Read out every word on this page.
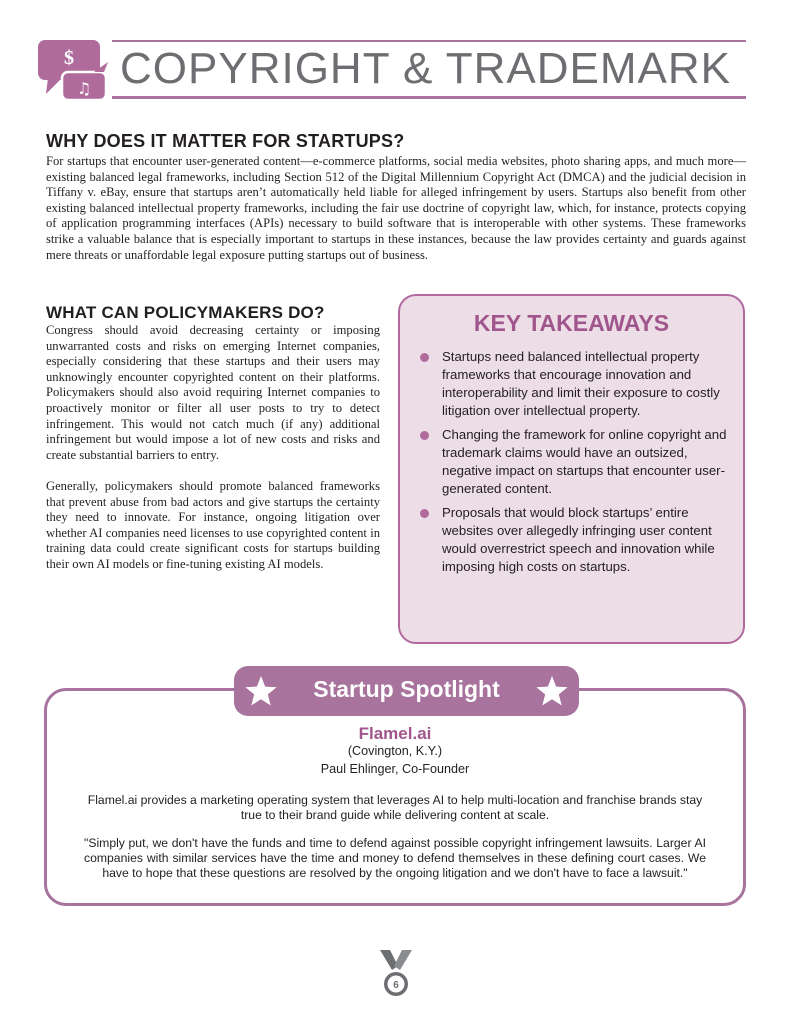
$
♫ COPYRIGHT & TRADEMARK
WHY DOES IT MATTER FOR STARTUPS?
For startups that encounter user-generated content—e-commerce platforms, social media websites, photo sharing apps, and much more—existing balanced legal frameworks, including Section 512 of the Digital Millennium Copyright Act (DMCA) and the judicial decision in Tiffany v. eBay, ensure that startups aren’t automatically held liable for alleged infringement by users. Startups also benefit from other existing balanced intellectual property frameworks, including the fair use doctrine of copyright law, which, for instance, protects copying of application programming interfaces (APIs) necessary to build software that is interoperable with other systems. These frameworks strike a valuable balance that is especially important to startups in these instances, because the law provides certainty and guards against mere threats or unaffordable legal exposure putting startups out of business.
WHAT CAN POLICYMAKERS DO?
Congress should avoid decreasing certainty or imposing unwarranted costs and risks on emerging Internet companies, especially considering that these startups and their users may unknowingly encounter copyrighted content on their platforms. Policymakers should also avoid requiring Internet companies to proactively monitor or filter all user posts to try to detect infringement. This would not catch much (if any) additional infringement but would impose a lot of new costs and risks and create substantial barriers to entry.
Generally, policymakers should promote balanced frameworks that prevent abuse from bad actors and give startups the certainty they need to innovate. For instance, ongoing litigation over whether AI companies need licenses to use copyrighted content in training data could create significant costs for startups building their own AI models or fine-tuning existing AI models.
KEY TAKEAWAYS
Startups need balanced intellectual property frameworks that encourage innovation and interoperability and limit their exposure to costly litigation over intellectual property.
Changing the framework for online copyright and trademark claims would have an outsized, negative impact on startups that encounter user-generated content.
Proposals that would block startups’ entire websites over allegedly infringing user content would overrestrict speech and innovation while imposing high costs on startups.
Startup Spotlight
Flamel.ai
(Covington, K.Y.)
Paul Ehlinger, Co-Founder
Flamel.ai provides a marketing operating system that leverages AI to help multi-location and franchise brands stay true to their brand guide while delivering content at scale.
"Simply put, we don't have the funds and time to defend against possible copyright infringement lawsuits. Larger AI companies with similar services have the time and money to defend themselves in these defining court cases. We have to hope that these questions are resolved by the ongoing litigation and we don't have to face a lawsuit."
6
